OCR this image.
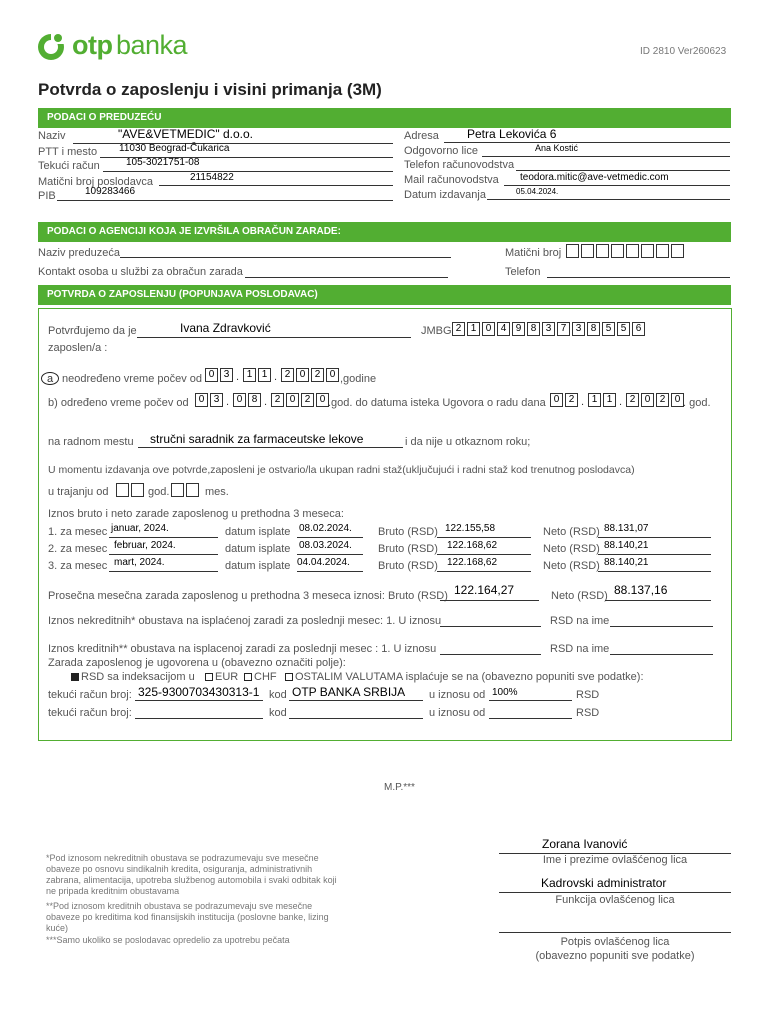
otp banka	ID 2810 Ver260623
Potvrda o zaposlenju i visini primanja (3M)
PODACI O PREDUZEĆU
Naziv	"AVE&VETMEDIC" d.o.o.
PTT i mesto 11030 Beograd-Čukarica
Tekući račun	105-3021751-08
Matični broj poslodavca	21154822
PIB	109283466
Adresa Petra Lekovića 6
Odgovorno lice	Ana Kostić
Telefon računovodstva
Mail računovodstva teodora.mitic@ave-vetmedic.com
Datum izdavanja	05.04.2024.
PODACI O AGENCIJI KOJA JE IZVRŠILA OBRAČUN ZARADE:
Naziv preduzeća	Matični broj
Kontakt osoba u službi za obračun zarada	Telefon
POTVRDA O ZAPOSLENJU (POPUNJAVA POSLODAVAC)
Potvrđujemo da je	Ivana Zdravković
zaposlen/a :
JMBG 2 1 0 4 9 8 3 7 3 8 5 5 6
a neodređeno vreme počev od 0 3 . 1 1 . 2 0 2 0 ,godine
b) određeno vreme počev od	0 3 . 0 8 . 2 0 2 0 .god. do datuma isteka Ugovora o radu dana 0 2 . 1 1 . 2 0 2 0 . god.
na radnom mestu stručni saradnik za farmaceutske lekove	i da nije u otkaznom roku;
U momentu izdavanja ove potvrde,zaposleni je ostvario/la ukupan radni staž(uključujući i radni staž kod trenutnog poslodavca)
u trajanju od	god.	mes.
Iznos bruto i neto zarade zaposlenog u prethodna 3 meseca:
1. za mesec januar, 2024.	datum isplate 08.02.2024. Bruto (RSD) 122.155,58	Neto (RSD) 88.131,07
2. za mesec februar, 2024.	datum isplate 08.03.2024. Bruto (RSD) 122.168,62	Neto (RSD) 88.140,21
3. za mesec mart, 2024.	datum isplate 04.04.2024.	Bruto (RSD) 122.168,62	Neto (RSD) 88.140,21
Prosečna mesečna zarada zaposlenog u prethodna 3 meseca iznosi: Bruto (RSD) 122.164,27	Neto (RSD) 88.137,16
Iznos nekreditnih* obustava na isplaćenoj zaradi za poslednji mesec: 1. U iznosu	RSD na ime
Iznos kreditnih** obustava na isplacenoj zaradi za poslednji mesec : 1. U iznosu	RSD na ime
Zarada zaposlenog je ugovorena u (obavezno označiti polje):
RSD sa indeksacijom u EUR CHF OSTALIM VALUTAMA isplaćuje se na (obavezno popuniti sve podatke):
tekući račun broj: 325-9300703430313-1 kod OTP BANKA SRBIJA u iznosu od 100%	RSD
tekući račun broj:	kod	u iznosu od	RSD
M.P.***
*Pod iznosom nekreditnih obustava se podrazumevaju sve mesečne obaveze po osnovu sindikalnih kredita, osiguranja, administrativnih zabrana, alimentacija, upotreba službenog automobila i svaki odbitak koji ne pripada kreditnim obustavama
**Pod iznosom kreditnih obustava se podrazumevaju sve mesečne obaveze po kreditima kod finansijskih institucija (poslovne banke, lizing kuće)
***Samo ukoliko se poslodavac opredelio za upotrebu pečata
Zorana Ivanović
Ime i prezime ovlašćenog lica
Kadrovski administrator
Funkcija ovlašćenog lica
Potpis ovlašćenog lica
(obavezno popuniti sve podatke)
